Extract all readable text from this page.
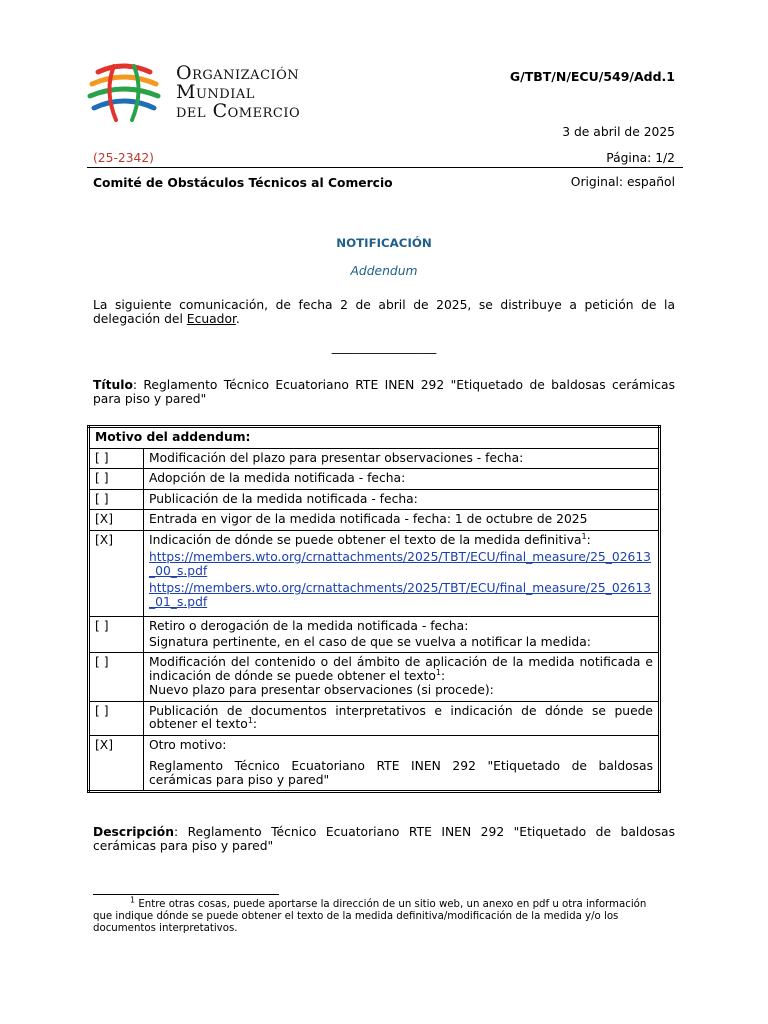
Organización
Mundial
del Comercio
G/TBT/N/ECU/549/Add.1
3 de abril de 2025
(25-2342)	Página: 1/2
Comité de Obstáculos Técnicos al Comercio	Original: español
NOTIFICACIÓN
Addendum
La siguiente comunicación, de fecha 2 de abril de 2025, se distribuye a petición de la delegación del Ecuador.
_________________
Título: Reglamento Técnico Ecuatoriano RTE INEN 292 "Etiquetado de baldosas cerámicas para piso y pared"
Motivo del addendum:	
[ ]	Modificación del plazo para presentar observaciones - fecha:
[ ]	Adopción de la medida notificada - fecha:
[ ]	Publicación de la medida notificada - fecha:
[X]	Entrada en vigor de la medida notificada - fecha: 1 de octubre de 2025
[X]	Indicación de dónde se puede obtener el texto de la medida definitiva$^1$:
https://members.wto.org/crnattachments/2025/TBT/ECU/final_measure/25_02613_00_s.pdf
https://members.wto.org/crnattachments/2025/TBT/ECU/final_measure/25_02613_01_s.pdf

[ ]	Retiro o derogación de la medida notificada - fecha:
Signatura pertinente, en el caso de que se vuelva a notificar la medida:

[ ]	Modificación del contenido o del ámbito de aplicación de la medida notificada e indicación de dónde se puede obtener el texto$^1$:
Nuevo plazo para presentar observaciones (si procede):

[ ]	Publicación de documentos interpretativos e indicación de dónde se puede obtener el texto$^1$:
[X]	Otro motivo:
Reglamento Técnico Ecuatoriano RTE INEN 292 "Etiquetado de baldosas cerámicas para piso y pared"
Descripción: Reglamento Técnico Ecuatoriano RTE INEN 292 "Etiquetado de baldosas cerámicas para piso y pared"
$^1$ Entre otras cosas, puede aportarse la dirección de un sitio web, un anexo en pdf u otra información que indique dónde se puede obtener el texto de la medida definitiva/modificación de la medida y/o los documentos interpretativos.
